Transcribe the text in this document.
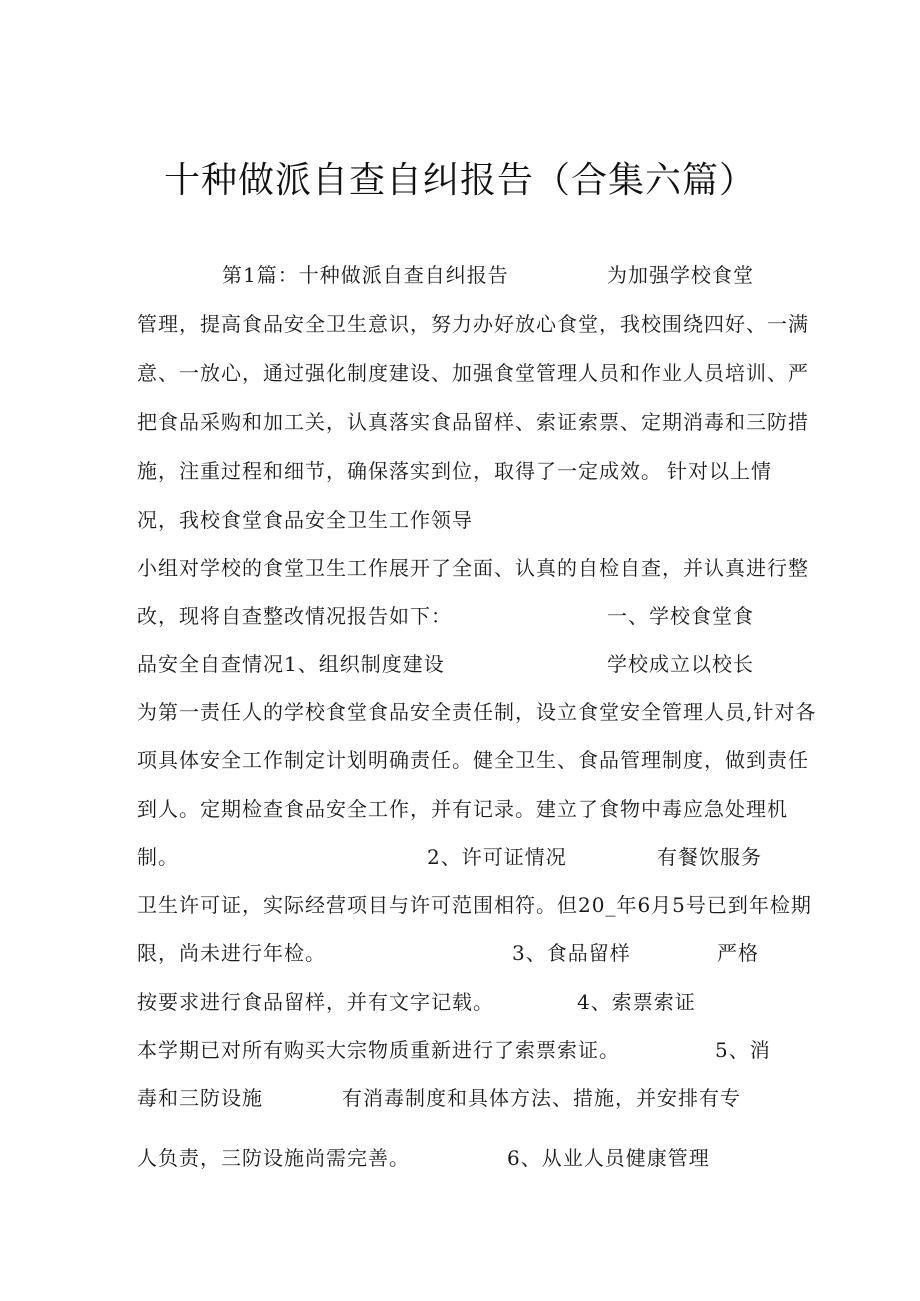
十种做派自查自纠报告（合集六篇）
第1篇：十种做派自查自纠报告	为加强学校食堂
管理，提高食品安全卫生意识，努力办好放心食堂，我校围绕四好、一满
意、一放心，通过强化制度建设、加强食堂管理人员和作业人员培训、严
把食品采购和加工关，认真落实食品留样、索证索票、定期消毒和三防措
施，注重过程和细节，确保落实到位，取得了一定成效。 针对以上情
况，我校食堂食品安全卫生工作领导
小组对学校的食堂卫生工作展开了全面、认真的自检自查，并认真进行整
改，现将自查整改情况报告如下：	一、学校食堂食
品安全自查情况1、组织制度建设	学校成立以校长
为第一责任人的学校食堂食品安全责任制，设立食堂安全管理人员,针对各
项具体安全工作制定计划明确责任。健全卫生、食品管理制度，做到责任
到人。定期检查食品安全工作，并有记录。建立了食物中毒应急处理机
制。	2、许可证情况	有餐饮服务
卫生许可证，实际经营项目与许可范围相符。但20_年6月5号已到年检期
限，尚未进行年检。	3、食品留样	严格
按要求进行食品留样，并有文字记载。	4、索票索证
本学期已对所有购买大宗物质重新进行了索票索证。	5、消
毒和三防设施	有消毒制度和具体方法、措施，并安排有专
人负责，三防设施尚需完善。	6、从业人员健康管理
